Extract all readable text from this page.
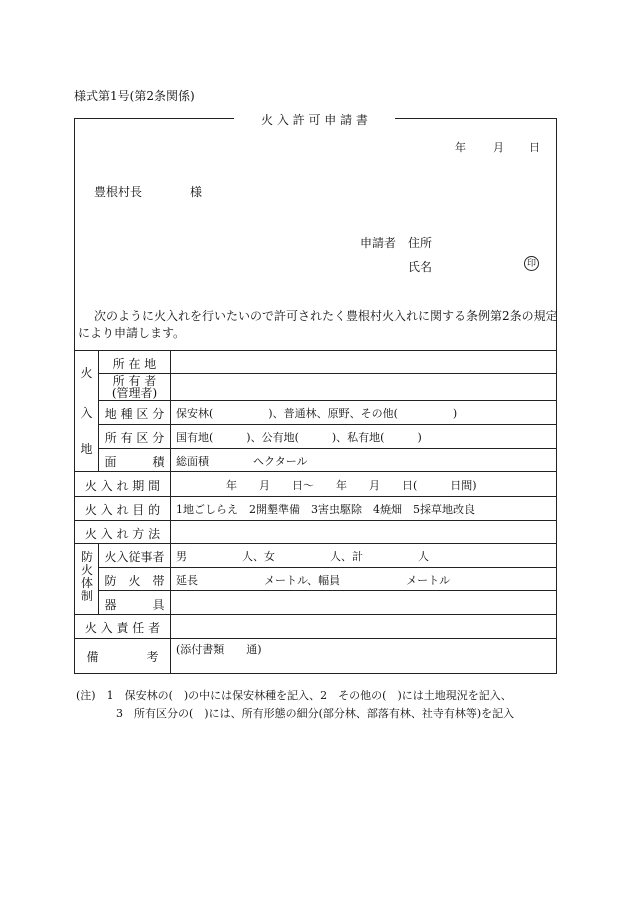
様式第1号(第2条関係)
火 入 許 可 申 請 書
年 月 日
豊根村長	様
申請者 住所
氏名	印
次のように火入れを行いたいので許可されたく豊根村火入れに関する条例第2条の規定
により申請します。
火
入
地
防火体制
所 在 地
所 有 者
(管理者)
地 種 区 分
所 有 区 分
面　　　積
火 入 れ 期 間
火 入 れ 目 的
火 入 れ 方 法
火入従事者
防　火　帯
器　　　具
火 入 責 任 者
備　　　　考
保安林(　　　　　)、普通林、原野、その他(　　　　　)
国有地(　　　)、公有地(　　　)、私有地(　　　)
総面積　　　　ヘクタール
年　　月　　日〜　　年　　月　　日(　　　日間)
1地ごしらえ　2開墾準備　3害虫駆除　4焼畑　5採草地改良
男　　　　　人、女　　　　　人、計　　　　　人
延長　　　　　　メートル、幅員　　　　　　メートル
(添付書類　　通)
(注)　1　保安林の(　)の中には保安林種を記入、2　その他の(　)には土地現況を記入、
3　所有区分の(　)には、所有形態の細分(部分林、部落有林、社寺有林等)を記入
